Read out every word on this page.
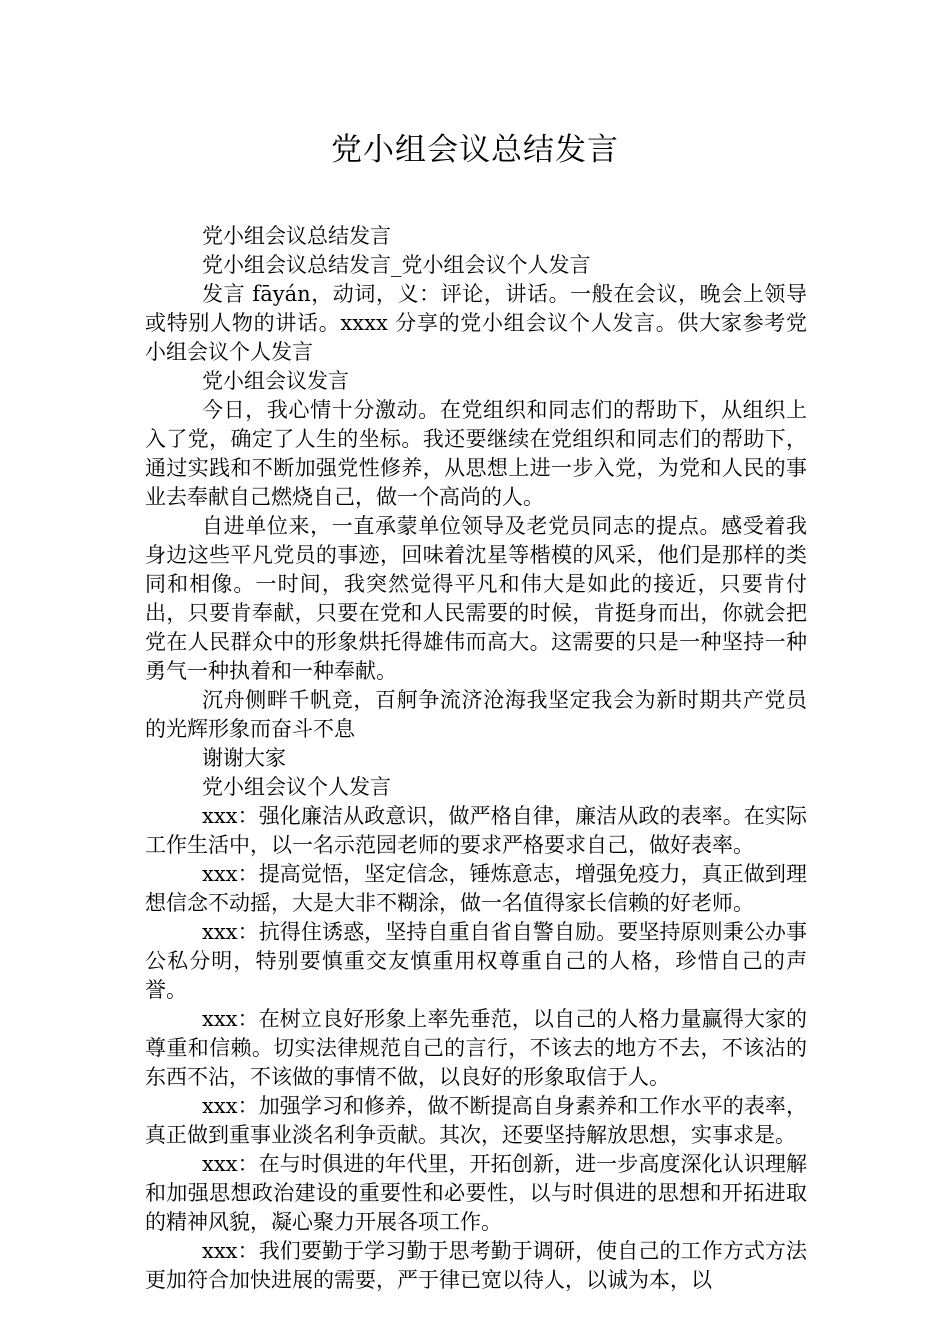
党小组会议总结发言

党小组会议总结发言

党小组会议总结发言_党小组会议个人发言

发言 fāyán，动词，义：评论，讲话。一般在会议，晚会上领导或特别人物的讲话。xxxx 分享的党小组会议个人发言。供大家参考党小组会议个人发言

党小组会议发言

今日，我心情十分激动。在党组织和同志们的帮助下，从组织上入了党，确定了人生的坐标。我还要继续在党组织和同志们的帮助下，通过实践和不断加强党性修养，从思想上进一步入党，为党和人民的事业去奉献自己燃烧自己，做一个高尚的人。

自进单位来，一直承蒙单位领导及老党员同志的提点。感受着我身边这些平凡党员的事迹，回味着沈星等楷模的风采，他们是那样的类同和相像。一时间，我突然觉得平凡和伟大是如此的接近，只要肯付出，只要肯奉献，只要在党和人民需要的时候，肯挺身而出，你就会把党在人民群众中的形象烘托得雄伟而高大。这需要的只是一种坚持一种勇气一种执着和一种奉献。

沉舟侧畔千帆竞，百舸争流济沧海我坚定我会为新时期共产党员的光辉形象而奋斗不息

谢谢大家

党小组会议个人发言

xxx：强化廉洁从政意识，做严格自律，廉洁从政的表率。在实际工作生活中，以一名示范园老师的要求严格要求自己，做好表率。

xxx：提高觉悟，坚定信念，锤炼意志，增强免疫力，真正做到理想信念不动摇，大是大非不糊涂，做一名值得家长信赖的好老师。

xxx：抗得住诱惑，坚持自重自省自警自励。要坚持原则秉公办事公私分明，特别要慎重交友慎重用权尊重自己的人格，珍惜自己的声誉。

xxx：在树立良好形象上率先垂范，以自己的人格力量赢得大家的尊重和信赖。切实法律规范自己的言行，不该去的地方不去，不该沾的东西不沾，不该做的事情不做，以良好的形象取信于人。

xxx：加强学习和修养，做不断提高自身素养和工作水平的表率，真正做到重事业淡名利争贡献。其次，还要坚持解放思想，实事求是。

xxx：在与时俱进的年代里，开拓创新，进一步高度深化认识理解和加强思想政治建设的重要性和必要性，以与时俱进的思想和开拓进取的精神风貌，凝心聚力开展各项工作。

xxx：我们要勤于学习勤于思考勤于调研，使自己的工作方式方法更加符合加快进展的需要，严于律已宽以待人，以诚为本，以
